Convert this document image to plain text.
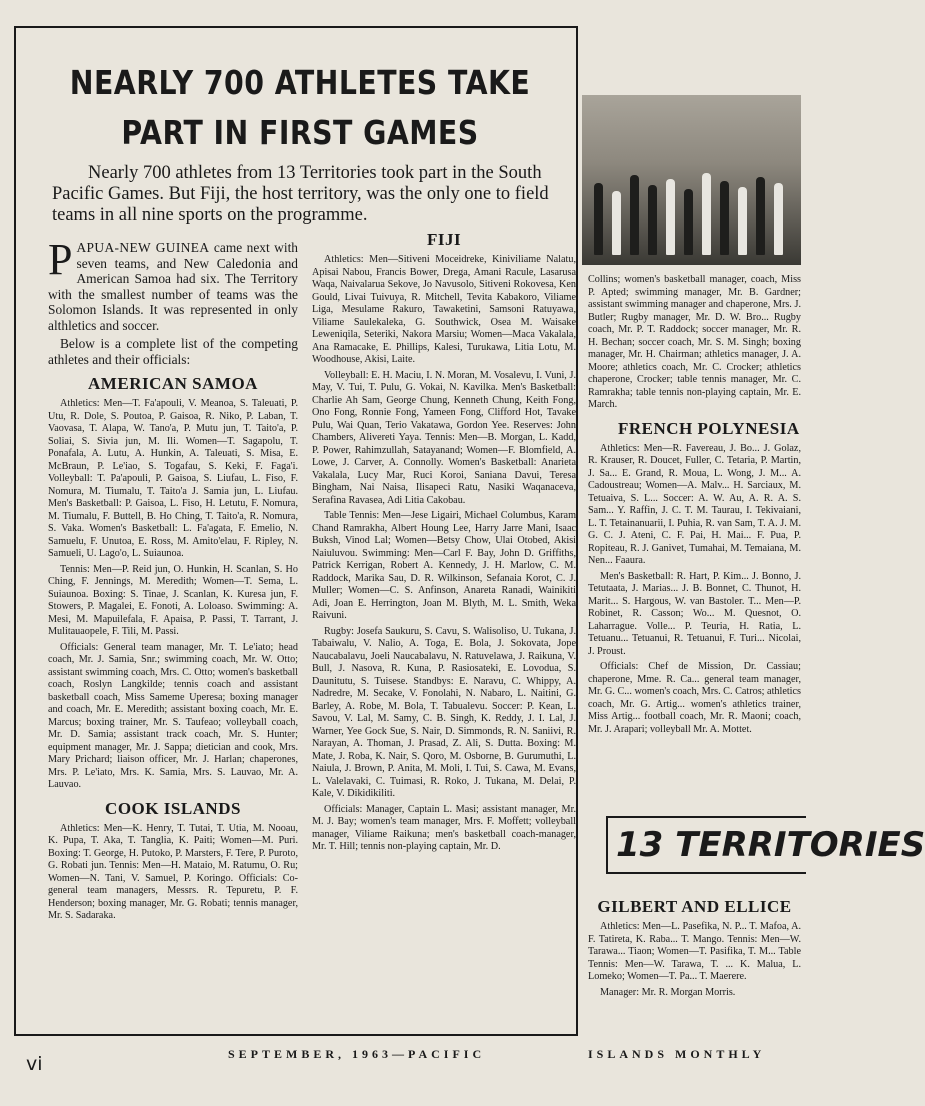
NEARLY 700 ATHLETES TAKE PART IN FIRST GAMES

Nearly 700 athletes from 13 Territories took part in the South Pacific Games. But Fiji, the host territory, was the only one to field teams in all nine sports on the programme.

PAPUA-NEW GUINEA came next with seven teams, and New Caledonia and American Samoa had six. The Territory with the smallest number of teams was the Solomon Islands. It was represented in only althletics and soccer.

Below is a complete list of the competing athletes and their officials:

AMERICAN SAMOA

Athletics: Men—T. Fa'apouli, V. Meanoa, S. Taleuati, P. Utu, R. Dole, S. Poutoa, P. Gaisoa, R. Niko, P. Laban, T. Vaovasa, T. Alapa, W. Tano'a, P. Mutu jun, T. Taito'a, P. Soliai, S. Sivia jun, M. Ili. Women—T. Sagapolu, T. Ponafala, A. Lutu, A. Hunkin, A. Taleuati, S. Misa, E. McBraun, P. Le'iao, S. Togafau, S. Keki, F. Faga'i. Volleyball: T. Pa'apouli, P. Gaisoa, S. Liufau, L. Fiso, F. Nomura, M. Tiumalu, T. Taito'a J. Samia jun, L. Liufau. Men's Basketball: P. Gaisoa, L. Fiso, H. Letutu, F. Nomura, M. Tiumalu, F. Buttell, B. Ho Ching, T. Taito'a, R. Nomura, S. Vaka. Women's Basketball: L. Fa'agata, F. Emelio, N. Samuelu, F. Unutoa, E. Ross, M. Amito'elau, F. Ripley, N. Samueli, U. Lago'o, L. Suiaunoa.

Tennis: Men—P. Reid jun, O. Hunkin, H. Scanlan, S. Ho Ching, F. Jennings, M. Meredith; Women—T. Sema, L. Suiaunoa. Boxing: S. Tinae, J. Scanlan, K. Kuresa jun, F. Stowers, P. Magalei, E. Fonoti, A. Loloaso. Swimming: A. Mesi, M. Mapuilefala, F. Apaisa, P. Passi, T. Tarrant, J. Mulitauaopele, F. Tili, M. Passi.

Officials: General team manager, Mr. T. Le'iato; head coach, Mr. J. Samia, Snr.; swimming coach, Mr. W. Otto; assistant swimming coach, Mrs. C. Otto; women's basketball coach, Roslyn Langkilde; tennis coach and assistant basketball coach, Miss Sameme Uperesa; boxing manager and coach, Mr. E. Meredith; assistant boxing coach, Mr. E. Marcus; boxing trainer, Mr. S. Taufeao; volleyball coach, Mr. D. Samia; assistant track coach, Mr. S. Hunter; equipment manager, Mr. J. Sappa; dietician and cook, Mrs. Mary Prichard; liaison officer, Mr. J. Harlan; chaperones, Mrs. P. Le'iato, Mrs. K. Samia, Mrs. S. Lauvao, Mr. A. Lauvao.

COOK ISLANDS

Athletics: Men—K. Henry, T. Tutai, T. Utia, M. Nooau, K. Pupa, T. Aka, T. Tanglia, K. Paiti; Women—M. Puri. Boxing: T. George, H. Putoko, P. Marsters, F. Tere, P. Puroto, G. Robati jun. Tennis: Men—H. Mataio, M. Ratumu, O. Ru; Women—N. Tani, V. Samuel, P. Koringo. Officials: Co-general team managers, Messrs. R. Tepuretu, P. F. Henderson; boxing manager, Mr. G. Robati; tennis manager, Mr. S. Sadaraka.

FIJI

Athletics: Men—Sitiveni Moceidreke, Kiniviliame Nalatu, Apisai Nabou, Francis Bower, Drega, Amani Racule, Lasarusa Waqa, Naivalarua Sekove, Jo Navusolo, Sitiveni Rokovesa, Ken Gould, Livai Tuivuya, R. Mitchell, Tevita Kabakoro, Viliame Liga, Mesulame Rakuro, Tawaketini, Samsoni Ratuyawa, Viliame Saulekaleka, G. Southwick, Osea M. Waisake Leweniqila, Seteriki, Nakora Marsiu; Women—Maca Vakalala, Ana Ramacake, E. Phillips, Kalesi, Turukawa, Litia Lotu, M. Woodhouse, Akisi, Laite.

Volleyball: E. H. Maciu, I. N. Moran, M. Vosalevu, I. Vuni, J. May, V. Tui, T. Pulu, G. Vokai, N. Kavilka. Men's Basketball: Charlie Ah Sam, George Chung, Kenneth Chung, Keith Fong, Ono Fong, Ronnie Fong, Yameen Fong, Clifford Hot, Tavake Pulu, Wai Quan, Terio Vakatawa, Gordon Yee. Reserves: John Chambers, Alivereti Yaya. Tennis: Men—B. Morgan, L. Kadd, P. Power, Rahimzullah, Satayanand; Women—F. Blomfield, A. Lowe, J. Carver, A. Connolly. Women's Basketball: Anarieta Vakalala, Lucy Mar, Ruci Koroi, Saniana Davui, Teresa Bingham, Nai Naisa, Ilisapeci Ratu, Nasiki Waqanaceva, Serafina Ravasea, Adi Litia Cakobau.

Table Tennis: Men—Jese Ligairi, Michael Columbus, Karam Chand Ramrakha, Albert Houng Lee, Harry Jarre Mani, Isaac Buksh, Vinod Lal; Women—Betsy Chow, Ulai Otobed, Akisi Naiuluvou. Swimming: Men—Carl F. Bay, John D. Griffiths, Patrick Kerrigan, Robert A. Kennedy, J. H. Marlow, C. M. Raddock, Marika Sau, D. R. Wilkinson, Sefanaia Korot, C. J. Muller; Women—C. S. Anfinson, Anareta Ranadi, Wainikiti Adi, Joan E. Herrington, Joan M. Blyth, M. L. Smith, Weka Raivuni.

Rugby: Josefa Saukuru, S. Cavu, S. Walisoliso, U. Tukana, J. Tabaiwalu, V. Nalio, A. Toga, E. Bola, J. Sokovata, Jope Naucabalavu, Joeli Naucabalavu, N. Ratuvelawa, J. Raikuna, V. Bull, J. Nasova, R. Kuna, P. Rasiosateki, E. Lovodua, S. Daunitutu, S. Tuisese. Standbys: E. Naravu, C. Whippy, A. Nadredre, M. Secake, V. Fonolahi, N. Nabaro, L. Naitini, G. Barley, A. Robe, M. Bola, T. Tabualevu. Soccer: P. Kean, L. Savou, V. Lal, M. Samy, C. B. Singh, K. Reddy, J. I. Lal, J. Warner, Yee Gock Sue, S. Nair, D. Simmonds, R. N. Saniivi, R. Narayan, A. Thoman, J. Prasad, Z. Ali, S. Dutta. Boxing: M. Mate, J. Roba, K. Nair, S. Qoro, M. Osborne, B. Gurumuthi, L. Naiula, J. Brown, P. Anita, M. Moli, I. Tui, S. Cawa, M. Evans, L. Valelavaki, C. Tuimasi, R. Roko, J. Tukana, M. Delai, P. Kale, V. Dikidikiliti.

Officials: Manager, Captain L. Masi; assistant manager, Mr. M. J. Bay; women's team manager, Mrs. F. Moffett; volleyball manager, Viliame Raikuna; men's basketball coach-manager, Mr. T. Hill; tennis non-playing captain, Mr. D.

Collins; women's basketball manager, coach, Miss P. Apted; swimming manager, Mr. B. Gardner; assistant swimming manager and chaperone, Mrs. J. Butler; Rugby manager, Mr. D. W. Bro... Rugby coach, Mr. P. T. Raddock; soccer manager, Mr. R. H. Bechan; soccer coach, Mr. S. M. Singh; boxing manager, Mr. H. Chairman; athletics manager, J. A. Moore; athletics coach, Mr. C. Crocker; athletics chaperone, Crocker; table tennis manager, Mr. C. Ramrakha; table tennis non-playing captain, Mr. E. March.

FRENCH POLYNESIA

Athletics: Men—R. Favereau, J. Bo... J. Golaz, R. Krauser, R. Doucet, Fuller, C. Tetaria, P. Martin, J. Sa... E. Grand, R. Moua, L. Wong, J. M... A. Cadoustreau; Women—A. Malv... H. Sarciaux, M. Tetuaiva, S. L... Soccer: A. W. Au, A. R. A. S. Sam... Y. Raffin, J. C. T. M. Taurau, I. Tekivaiani, L. T. Tetainanuarii, I. Puhia, R. van Sam, T. A. J. M. G. C. J. Ateni, C. F. Pai, H. Mai... F. Pua, P. Ropiteau, R. J. Ganivet, Tumahai, M. Temaiana, M. Nen... Faaura.

Men's Basketball: R. Hart, P. Kim... J. Bonno, J. Tetutaata, J. Marias... J. B. Bonnet, C. Thunot, H. Marit... S. Hargous, W. van Bastoler. T... Men—P. Robinet, R. Casson; Wo... M. Quesnot, O. Laharrague. Volle... P. Teuria, H. Ratia, L. Tetuanu... Tetuanui, R. Tetuanui, F. Turi... Nicolai, J. Proust.

Officials: Chef de Mission, Dr. Cassiau; chaperone, Mme. R. Ca... general team manager, Mr. G. C... women's coach, Mrs. C. Catros; athletics coach, Mr. G. Artig... women's athletics trainer, Miss Artig... football coach, Mr. R. Maoni; coach, Mr. J. Arapari; volleyball Mr. A. Mottet.

13 TERRITORIES
GILBERT AND ELLICE

Athletics: Men—L. Pasefika, N. P... T. Mafoa, A. F. Tatireta, K. Raba... T. Mango. Tennis: Men—W. Tarawa... Tiaon; Women—T. Pasifika, T. M... Table Tennis: Men—W. Tarawa, T. ... K. Malua, L. Lomeko; Women—T. Pa... T. Maerere.

Manager: Mr. R. Morgan Morris.

vi	SEPTEMBER, 1963—PACIFIC	ISLANDS MONTHLY
